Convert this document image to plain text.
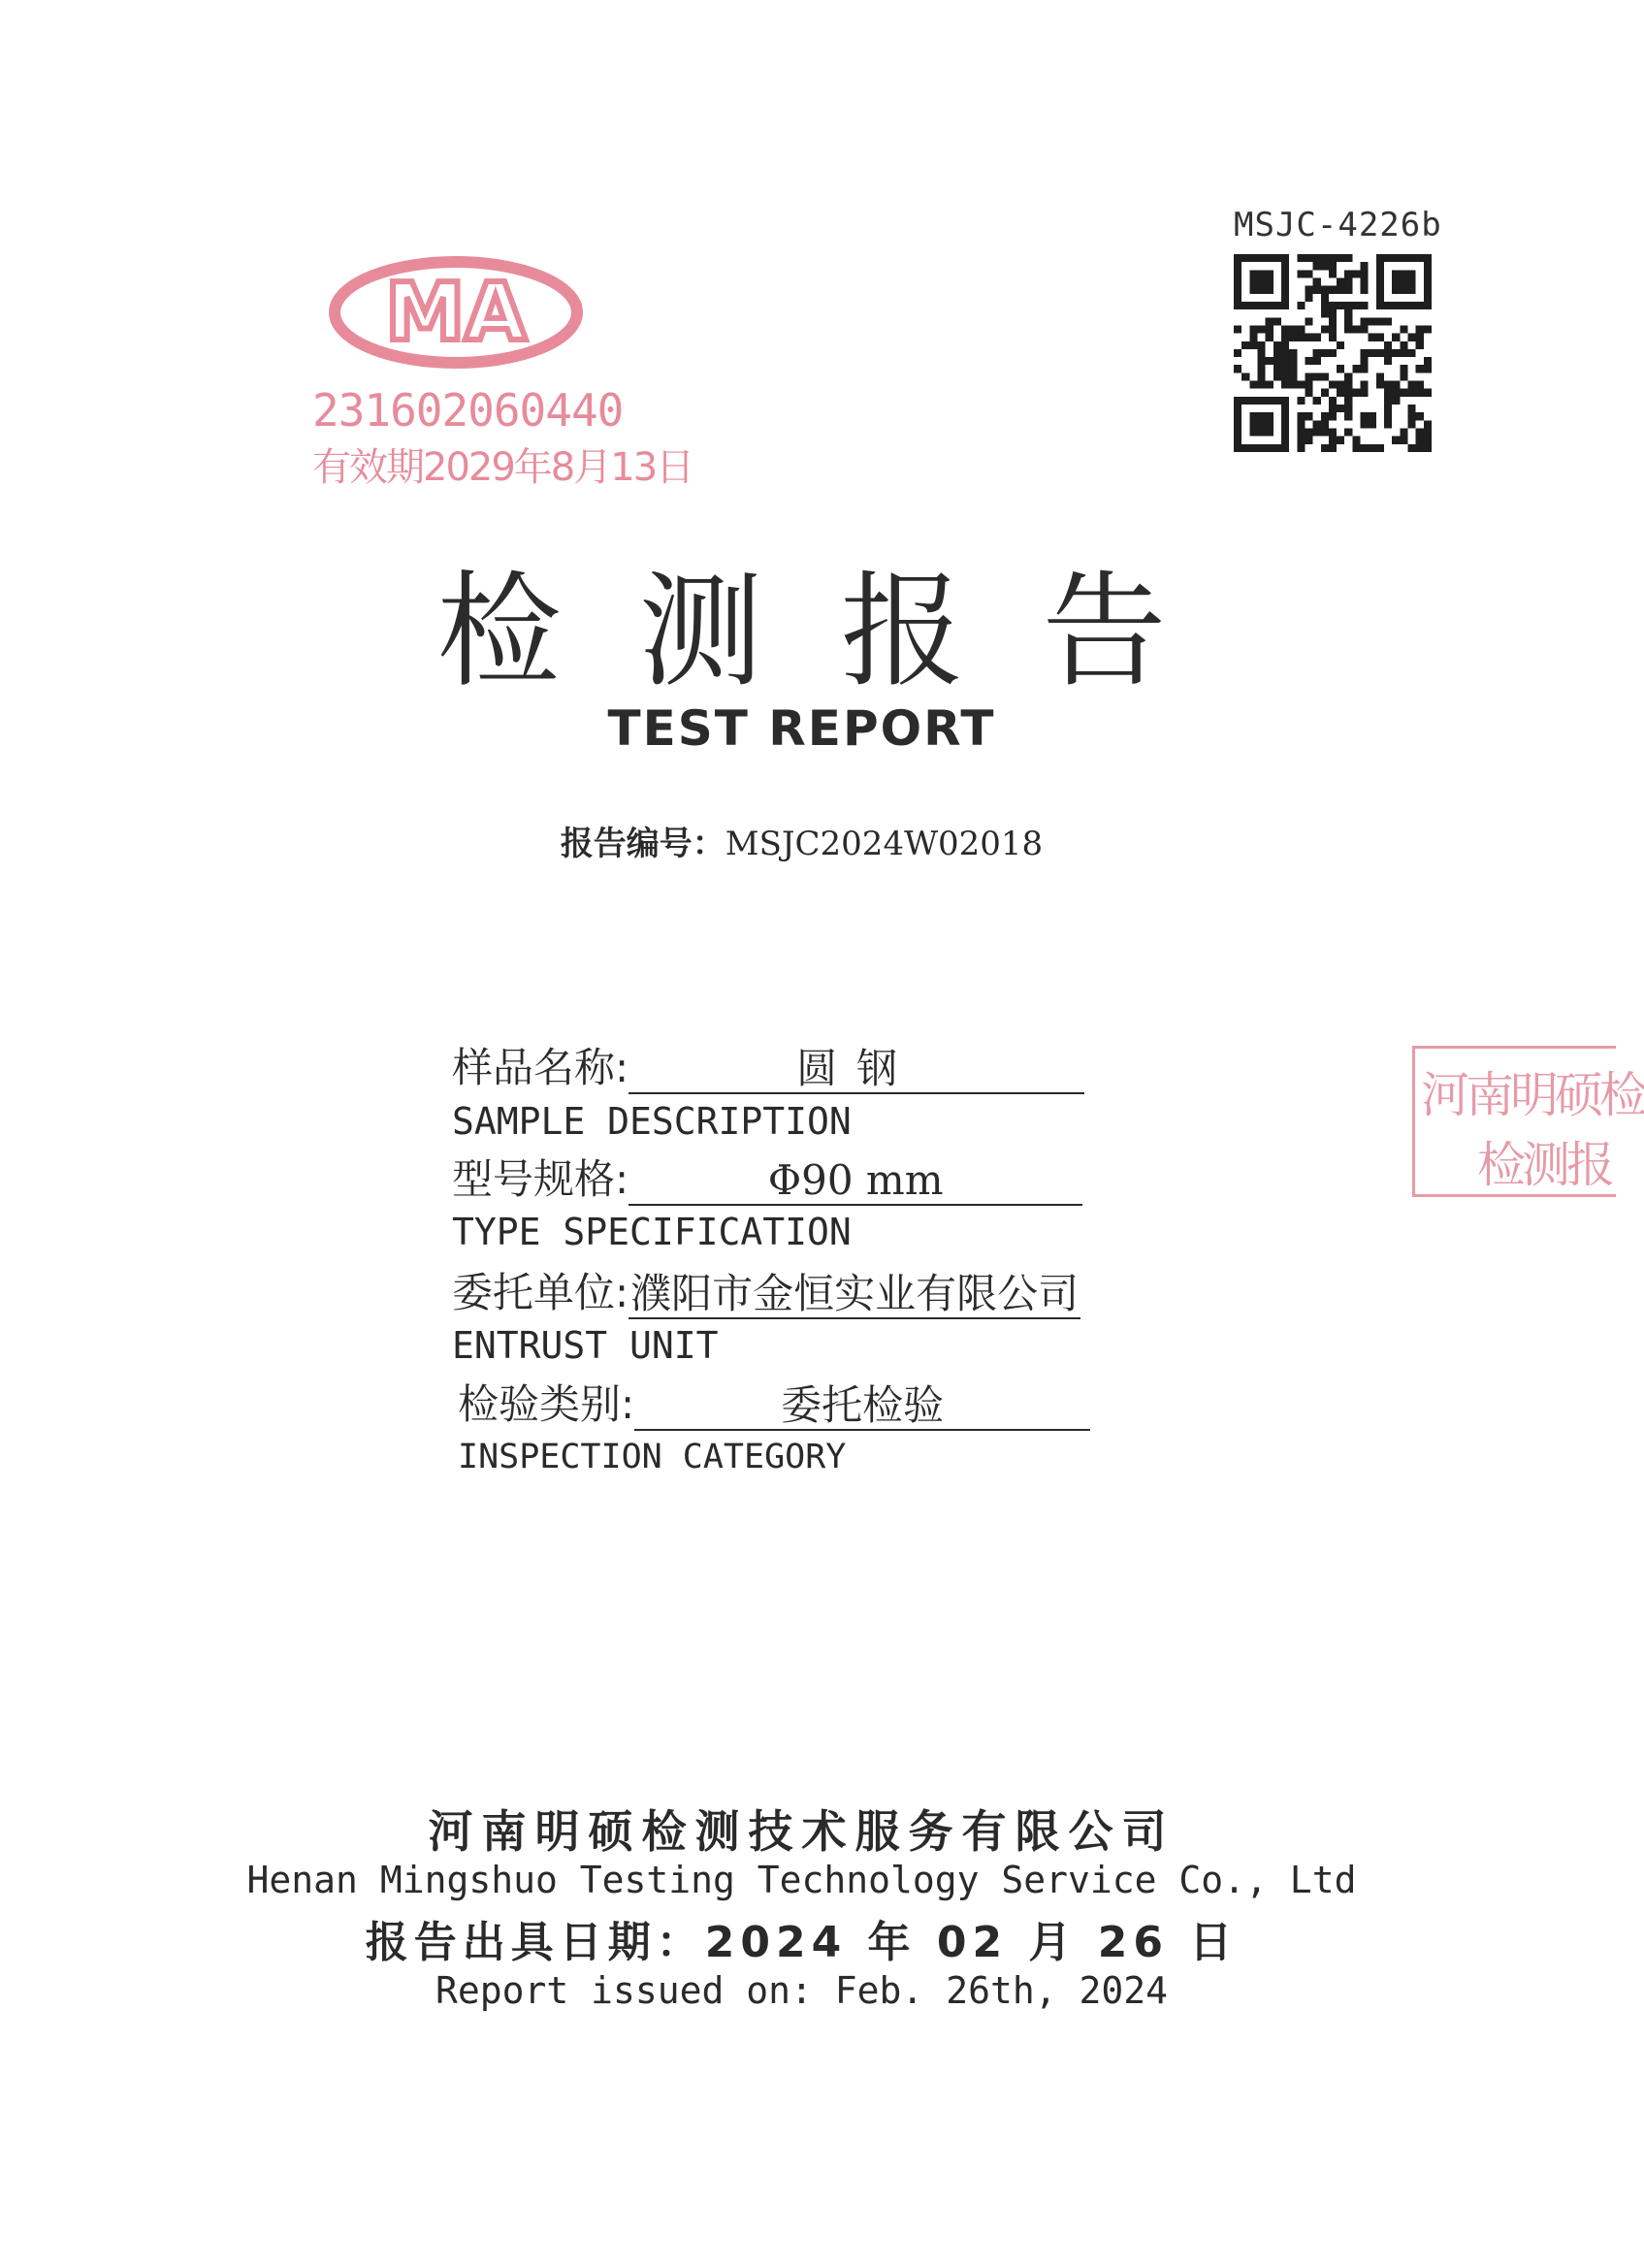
MSJC-4226b
MA
231602060440
有效期2029年8月13日
检测报告
TEST REPORT
报告编号：MSJC2024W02018
样品名称:	圆钢
SAMPLE DESCRIPTION
型号规格:	Φ90 mm
TYPE SPECIFICATION
委托单位: 濮阳市金恒实业有限公司
ENTRUST UNIT
检验类别:	委托检验
INSPECTION CATEGORY
河南明硕检
检测报
河南明硕检测技术服务有限公司
Henan Mingshuo Testing Technology Service Co., Ltd
报告出具日期：2024 年 02 月 26 日
Report issued on: Feb. 26th, 2024
